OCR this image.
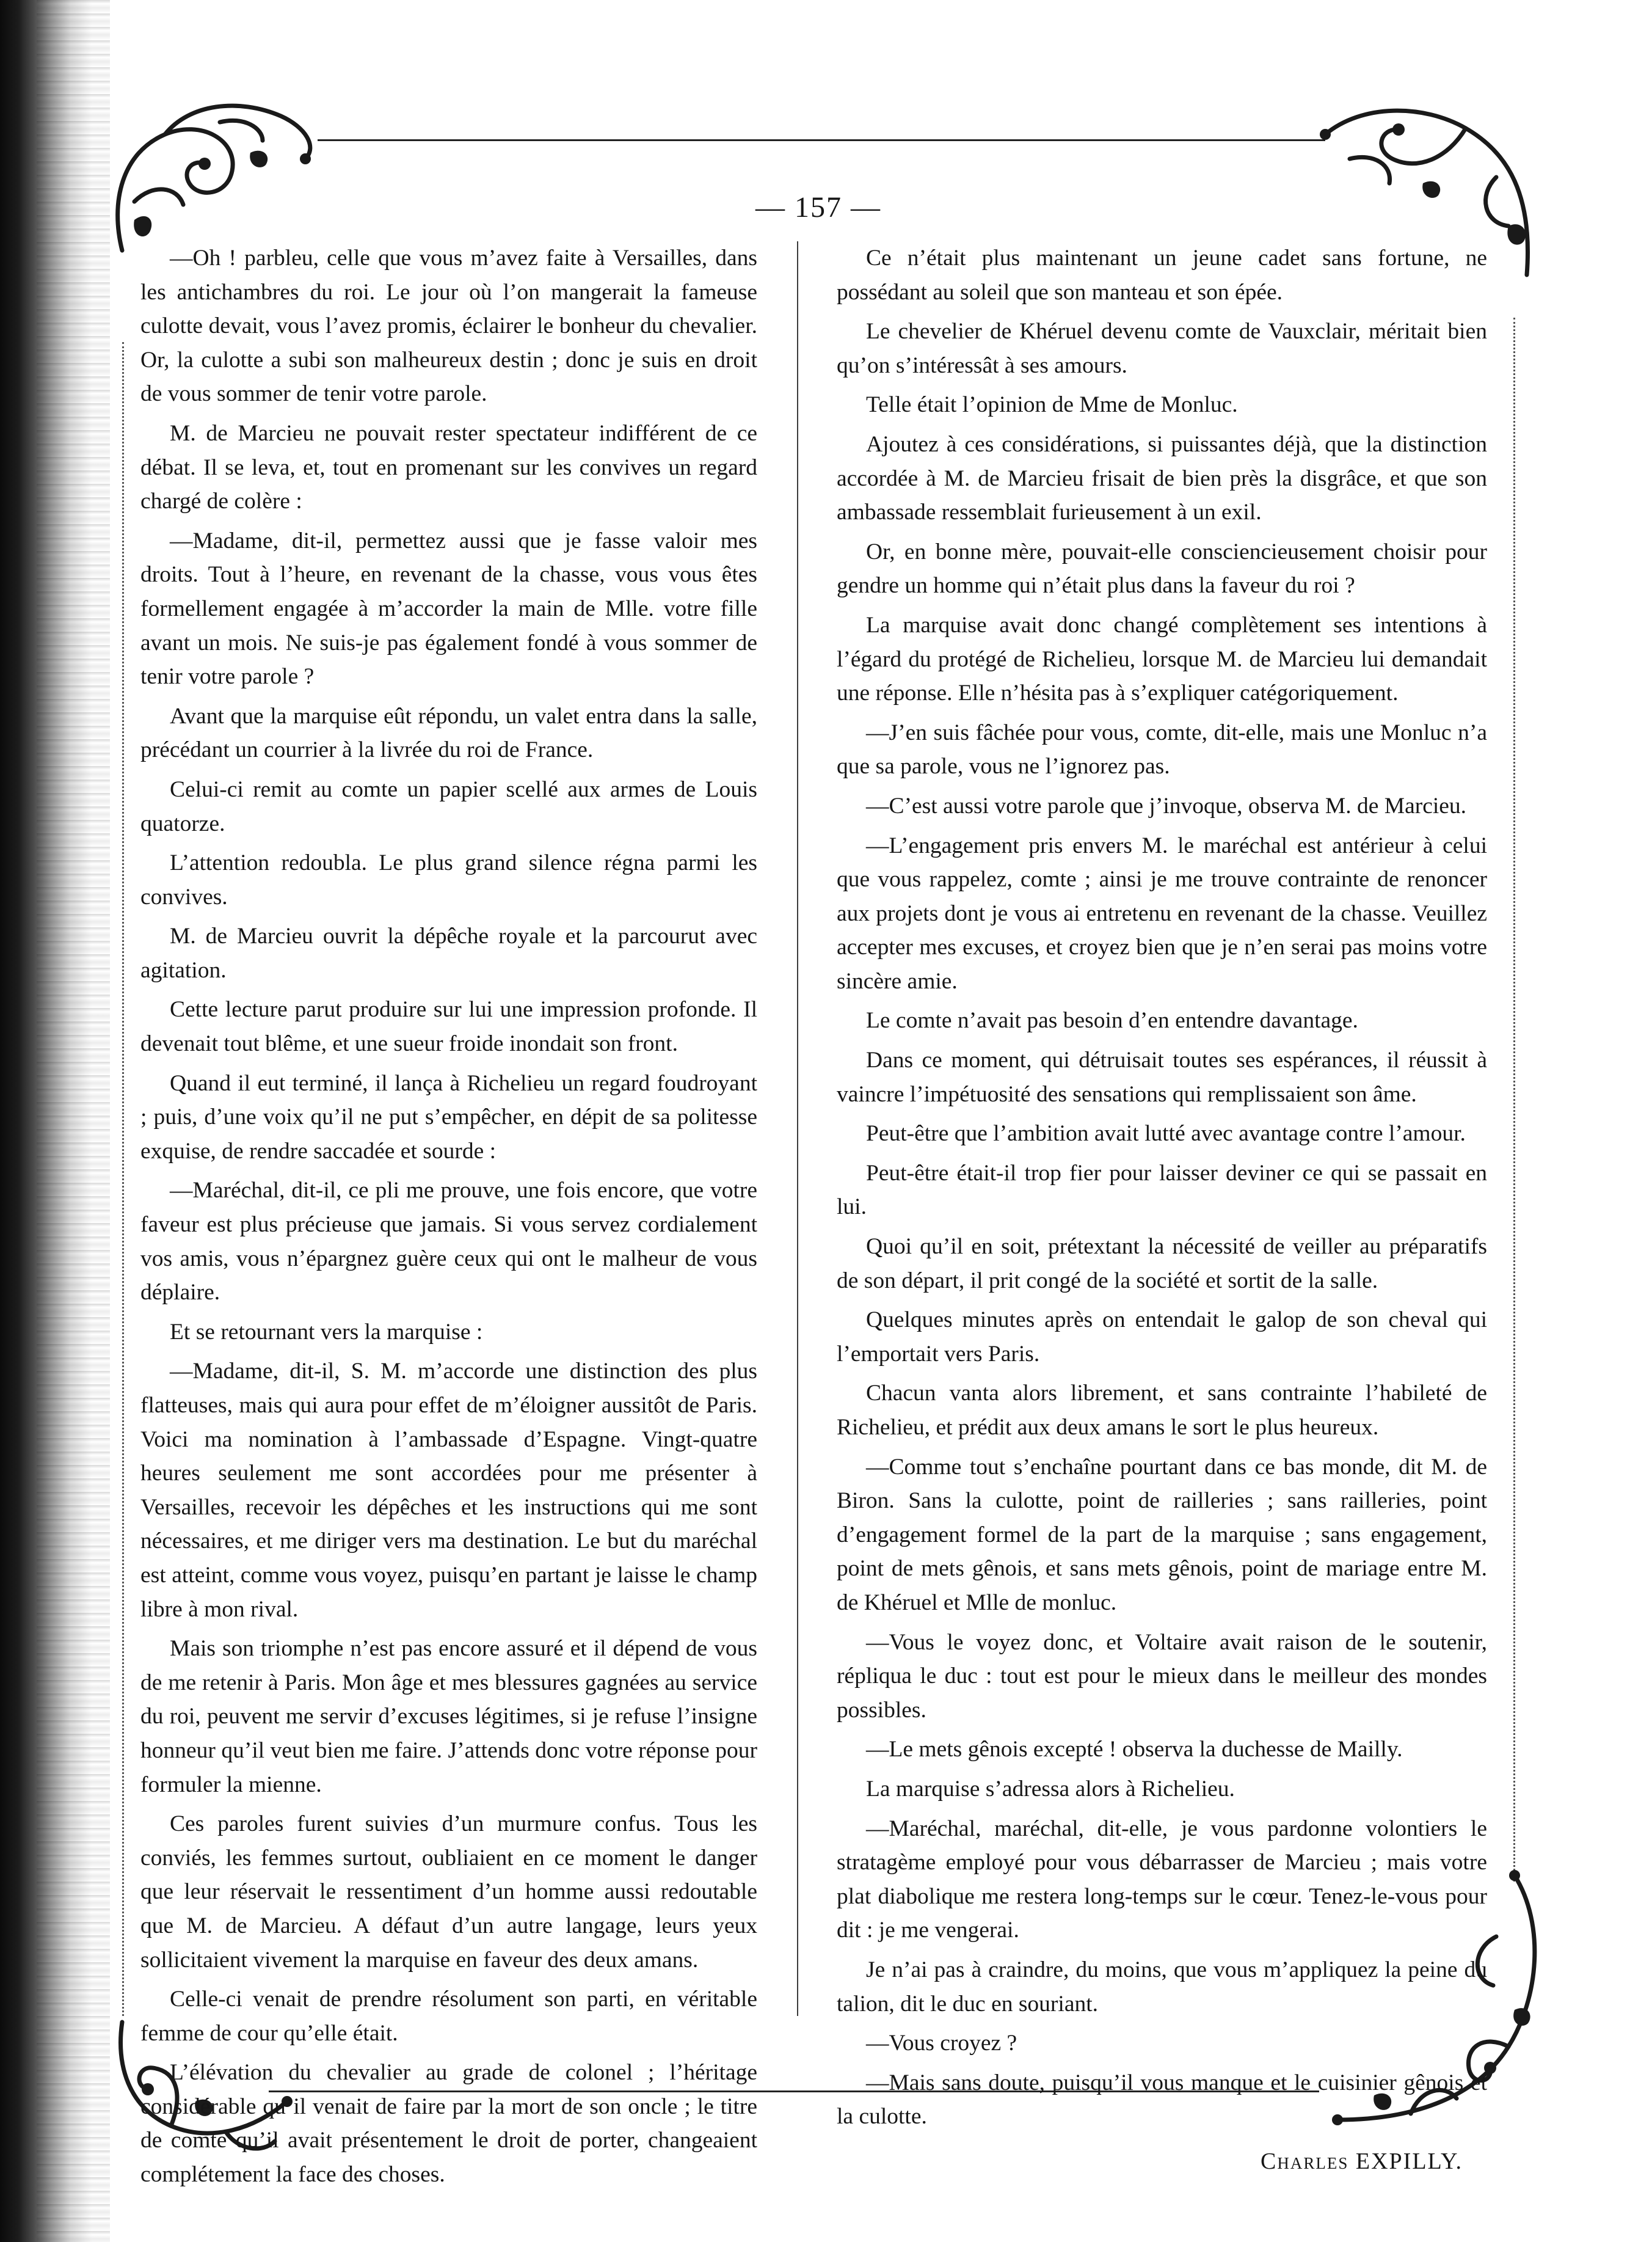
— 157 —

—Oh ! parbleu, celle que vous m’avez faite à Versailles, dans les antichambres du roi. Le jour où l’on mangerait la fameuse culotte devait, vous l’avez promis, éclairer le bonheur du chevalier. Or, la culotte a subi son malheureux destin ; donc je suis en droit de vous sommer de tenir votre parole.

M. de Marcieu ne pouvait rester spectateur indifférent de ce débat. Il se leva, et, tout en promenant sur les convives un regard chargé de colère :

—Madame, dit-il, permettez aussi que je fasse valoir mes droits. Tout à l’heure, en revenant de la chasse, vous vous êtes formellement engagée à m’accorder la main de Mlle. votre fille avant un mois. Ne suis-je pas également fondé à vous sommer de tenir votre parole ?

Avant que la marquise eût répondu, un valet entra dans la salle, précédant un courrier à la livrée du roi de France.

Celui-ci remit au comte un papier scellé aux armes de Louis quatorze.

L’attention redoubla. Le plus grand silence régna parmi les convives.

M. de Marcieu ouvrit la dépêche royale et la parcourut avec agitation.

Cette lecture parut produire sur lui une impression profonde. Il devenait tout blême, et une sueur froide inondait son front.

Quand il eut terminé, il lança à Richelieu un regard foudroyant ; puis, d’une voix qu’il ne put s’empêcher, en dépit de sa politesse exquise, de rendre saccadée et sourde :

—Maréchal, dit-il, ce pli me prouve, une fois encore, que votre faveur est plus précieuse que jamais. Si vous servez cordialement vos amis, vous n’épargnez guère ceux qui ont le malheur de vous déplaire.

Et se retournant vers la marquise :

—Madame, dit-il, S. M. m’accorde une distinction des plus flatteuses, mais qui aura pour effet de m’éloigner aussitôt de Paris. Voici ma nomination à l’ambassade d’Espagne. Vingt-quatre heures seulement me sont accordées pour me présenter à Versailles, recevoir les dépêches et les instructions qui me sont nécessaires, et me diriger vers ma destination. Le but du maréchal est atteint, comme vous voyez, puisqu’en partant je laisse le champ libre à mon rival.

Mais son triomphe n’est pas encore assuré et il dépend de vous de me retenir à Paris. Mon âge et mes blessures gagnées au service du roi, peuvent me servir d’excuses légitimes, si je refuse l’insigne honneur qu’il veut bien me faire. J’attends donc votre réponse pour formuler la mienne.

Ces paroles furent suivies d’un murmure confus. Tous les conviés, les femmes surtout, oubliaient en ce moment le danger que leur réservait le ressentiment d’un homme aussi redoutable que M. de Marcieu. A défaut d’un autre langage, leurs yeux sollicitaient vivement la marquise en faveur des deux amans.

Celle-ci venait de prendre résolument son parti, en véritable femme de cour qu’elle était.

L’élévation du chevalier au grade de colonel ; l’héritage considérable qu’il venait de faire par la mort de son oncle ; le titre de comte qu’il avait présentement le droit de porter, changeaient complétement la face des choses.

Ce n’était plus maintenant un jeune cadet sans fortune, ne possédant au soleil que son manteau et son épée.

Le chevelier de Khéruel devenu comte de Vauxclair, méritait bien qu’on s’intéressât à ses amours.

Telle était l’opinion de Mme de Monluc.

Ajoutez à ces considérations, si puissantes déjà, que la distinction accordée à M. de Marcieu frisait de bien près la disgrâce, et que son ambassade ressemblait furieusement à un exil.

Or, en bonne mère, pouvait-elle consciencieusement choisir pour gendre un homme qui n’était plus dans la faveur du roi ?

La marquise avait donc changé complètement ses intentions à l’égard du protégé de Richelieu, lorsque M. de Marcieu lui demandait une réponse. Elle n’hésita pas à s’expliquer catégoriquement.

—J’en suis fâchée pour vous, comte, dit-elle, mais une Monluc n’a que sa parole, vous ne l’ignorez pas.

—C’est aussi votre parole que j’invoque, observa M. de Marcieu.

—L’engagement pris envers M. le maréchal est antérieur à celui que vous rappelez, comte ; ainsi je me trouve contrainte de renoncer aux projets dont je vous ai entretenu en revenant de la chasse. Veuillez accepter mes excuses, et croyez bien que je n’en serai pas moins votre sincère amie.

Le comte n’avait pas besoin d’en entendre davantage.

Dans ce moment, qui détruisait toutes ses espérances, il réussit à vaincre l’impétuosité des sensations qui remplissaient son âme.

Peut-être que l’ambition avait lutté avec avantage contre l’amour.

Peut-être était-il trop fier pour laisser deviner ce qui se passait en lui.

Quoi qu’il en soit, prétextant la nécessité de veiller au préparatifs de son départ, il prit congé de la société et sortit de la salle.

Quelques minutes après on entendait le galop de son cheval qui l’emportait vers Paris.

Chacun vanta alors librement, et sans contrainte l’habileté de Richelieu, et prédit aux deux amans le sort le plus heureux.

—Comme tout s’enchaîne pourtant dans ce bas monde, dit M. de Biron. Sans la culotte, point de railleries ; sans railleries, point d’engagement formel de la part de la marquise ; sans engagement, point de mets gênois, et sans mets gênois, point de mariage entre M. de Khéruel et Mlle de monluc.

—Vous le voyez donc, et Voltaire avait raison de le soutenir, répliqua le duc : tout est pour le mieux dans le meilleur des mondes possibles.

—Le mets gênois excepté ! observa la duchesse de Mailly.

La marquise s’adressa alors à Richelieu.

—Maréchal, maréchal, dit-elle, je vous pardonne volontiers le stratagème employé pour vous débarrasser de Marcieu ; mais votre plat diabolique me restera long-temps sur le cœur. Tenez-le-vous pour dit : je me vengerai.

Je n’ai pas à craindre, du moins, que vous m’appliquez la peine du talion, dit le duc en souriant.

—Vous croyez ?

—Mais sans doute, puisqu’il vous manque et le cuisinier gênois et la culotte.

Charles EXPILLY.
